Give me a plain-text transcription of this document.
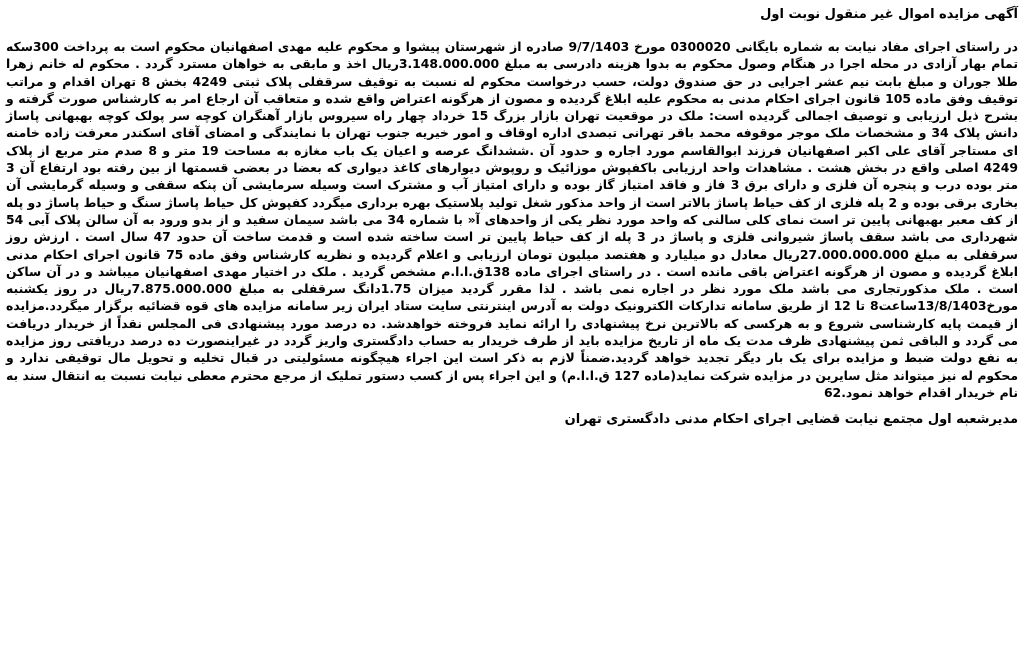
آگهی مزایده اموال غیر منقول نوبت اول

در راستای اجرای مفاد نیابت به شماره بایگانی 0300020 مورخ 9/7/1403 صادره از شهرستان پیشوا و محکوم علیه مهدی اصفهانیان محکوم است به پرداخت 300سکه تمام بهار آزادی در محله اجرا در هنگام وصول محکوم به بدوا هزینه دادرسی به مبلغ 3.148.000.000ریال اخذ و مابقی به خواهان مسترد گردد . محکوم له خانم زهرا طلا جوران و مبلغ بابت نیم عشر اجرایی در حق صندوق دولت، حسب درخواست محکوم له نسبت به توقیف سرقفلی پلاک ثبتی 4249 بخش 8 تهران اقدام و مراتب توقیف وفق ماده 105 قانون اجرای احکام مدنی به محکوم علیه ابلاغ گردیده و مصون از هرگونه اعتراض واقع شده و متعاقب آن ارجاع امر به کارشناس صورت گرفته و بشرح ذیل ارزیابی و توصیف اجمالی گردیده است: ملک در موقعیت تهران بازار بزرگ 15 خرداد چهار راه سیروس بازار آهنگران کوچه سر پولک کوچه بهبهانی پاساژ دانش پلاک 34 و مشخصات ملک موجر موقوفه محمد باقر تهرانی تبصدی اداره اوقاف و امور خیریه جنوب تهران با نمایندگی و امضای آقای اسکندر معرفت زاده خامنه ای مستاجر آقای علی اکبر اصفهانیان فرزند ابوالقاسم مورد اجاره و حدود آن .ششدانگ عرصه و اعیان یک باب مغازه به مساحت 19 متر و 8 صدم متر مربع از پلاک 4249 اصلی واقع در بخش هشت . مشاهدات واحد ارزیابی باکفپوش موزائیک و روپوش دیوارهای کاغذ دیواری که بعضا در بعضی قسمتها از بین رفته بود ارتفاع آن 3 متر بوده درب و پنجره آن فلزی و دارای برق 3 فاز و فاقد امتیاز گاز بوده و دارای امتیاز آب و مشترک است وسیله سرمایشی آن پنکه سقفی و وسیله گرمایشی آن بخاری برقی بوده و 2 پله فلزی از کف حیاط پاساژ بالاتر است از واحد مذکور شغل تولید پلاستیک بهره برداری میگردد کفپوش کل حیاط پاساژ سنگ و حیاط پاساژ دو پله از کف معبر بهبهانی پایین تر است نمای کلی سالنی که واحد مورد نظر یکی از واحدهای آ« با شماره 34 می باشد سیمان سفید و از بدو ورود به آن سالن پلاک آبی 54 شهرداری می باشد سقف پاساژ شیروانی فلزی و پاساژ در 3 پله از کف حیاط پایین تر است ساخته شده است و قدمت ساخت آن حدود 47 سال است . ارزش روز سرقفلی به مبلغ 27.000.000.000ریال معادل دو میلیارد و هفتصد میلیون تومان ارزیابی و اعلام گردیده و نظریه کارشناس وفق ماده 75 قانون اجرای احکام مدنی ابلاغ گردیده و مصون از هرگونه اعتراض باقی مانده است . در راستای اجرای ماده 138ق.ا.ا.م مشخص گردید . ملک در اختیار مهدی اصفهانیان میباشد و در آن ساکن است . ملک مذکورتجاری می باشد ملک مورد نظر در اجاره نمی باشد . لذا مقرر گردید میزان 1.75دانگ سرقفلی به مبلغ 7.875.000.000ریال در روز یکشنبه مورخ13/8/1403ساعت8 تا 12 از طریق سامانه تدارکات الکترونیک دولت به آدرس اینترنتی سایت ستاد ایران زیر سامانه مزایده های قوه قضائیه برگزار میگردد.مزایده از قیمت پایه کارشناسی شروع و به هرکسی که بالاترین نرخ پیشنهادی را ارائه نماید فروخته خواهدشد. ده درصد مورد پیشنهادی فی المجلس نقداً از خریدار دریافت می گردد و الباقی ثمن پیشنهادی ظرف مدت یک ماه از تاریخ مزایده باید از طرف خریدار به حساب دادگستری واریز گردد در غیراینصورت ده درصد دریافتی روز مزایده به نفع دولت ضبط و مزایده برای یک بار دیگر تجدید خواهد گردید.ضمناً لازم به ذکر است این اجراء هیچگونه مسئولیتی در قبال تخلیه و تحویل مال توقیفی ندارد و محکوم له نیز میتواند مثل سایرین در مزایده شرکت نماید(ماده 127 ق.ا.ا.م) و این اجراء پس از کسب دستور تملیک از مرجع محترم معطی نیابت نسبت به انتقال سند به نام خریدار اقدام خواهد نمود.62

مدیرشعبه اول مجتمع نیابت قضایی اجرای احکام مدنی دادگستری تهران
